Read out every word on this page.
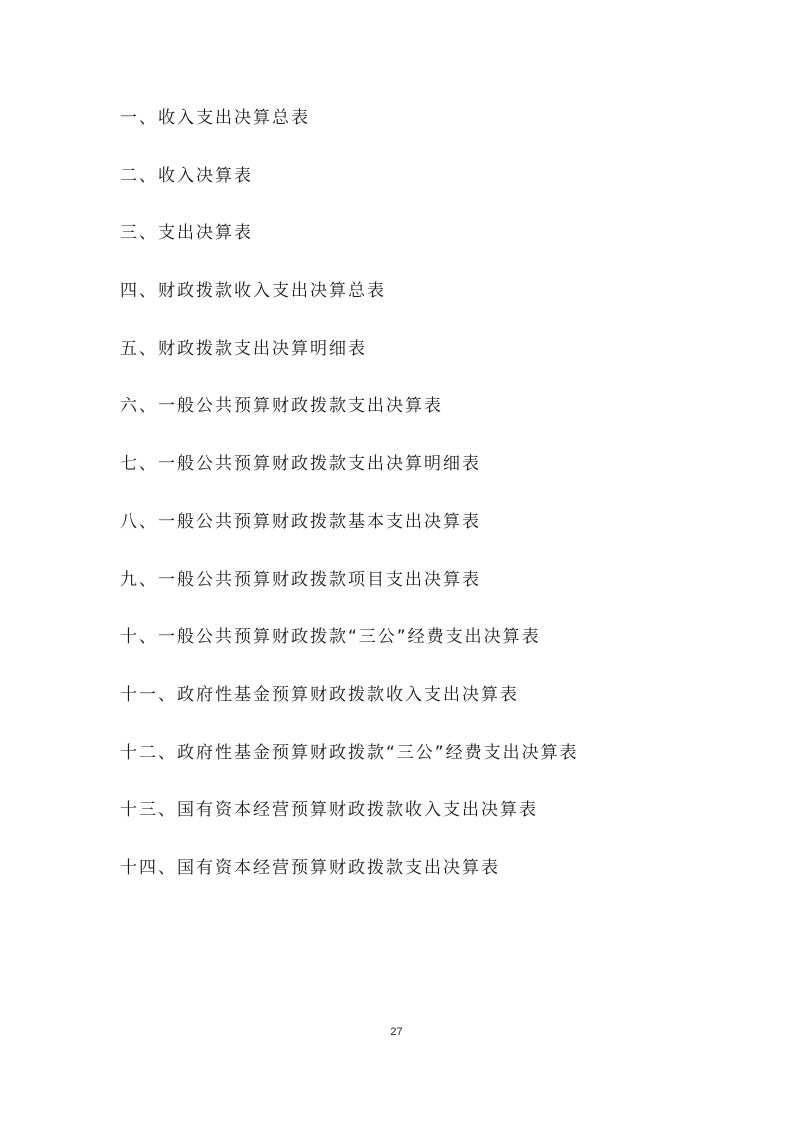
一、收入支出决算总表
二、收入决算表
三、支出决算表
四、财政拨款收入支出决算总表
五、财政拨款支出决算明细表
六、一般公共预算财政拨款支出决算表
七、一般公共预算财政拨款支出决算明细表
八、一般公共预算财政拨款基本支出决算表
九、一般公共预算财政拨款项目支出决算表
十、一般公共预算财政拨款“三公”经费支出决算表
十一、政府性基金预算财政拨款收入支出决算表
十二、政府性基金预算财政拨款“三公”经费支出决算表
十三、国有资本经营预算财政拨款收入支出决算表
十四、国有资本经营预算财政拨款支出决算表
27
